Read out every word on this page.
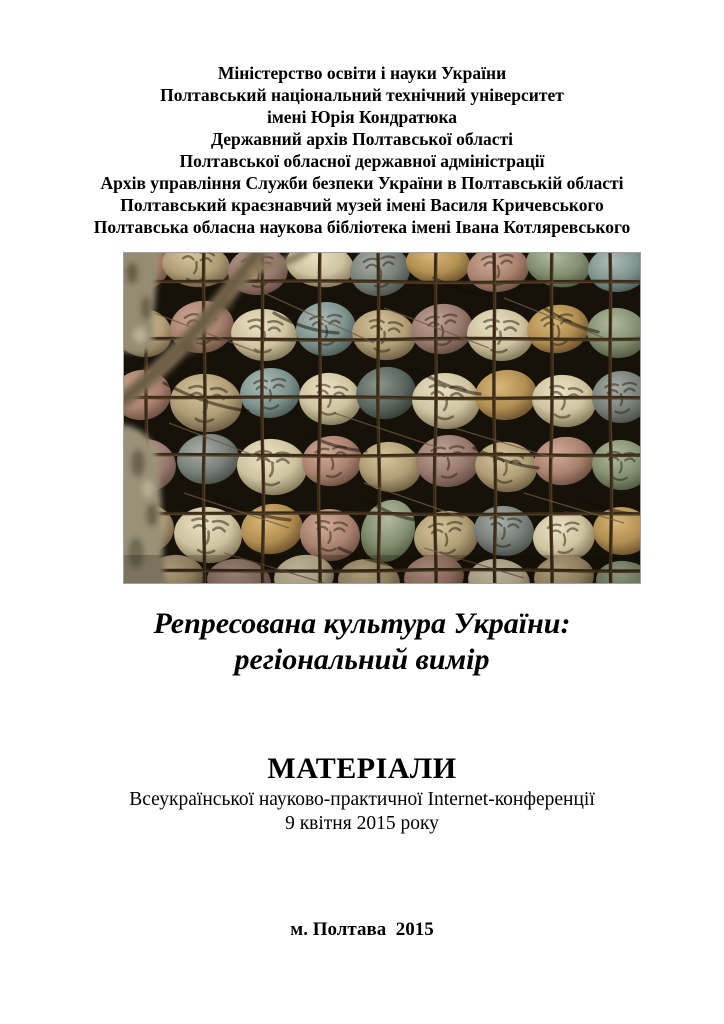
Міністерство освіти і науки України
Полтавський національний технічний університет
імені Юрія Кондратюка
Державний архів Полтавської області
Полтавської обласної державної адміністрації
Архів управління Служби безпеки України в Полтавській області
Полтавський краєзнавчий музей імені Василя Кричевського
Полтавська обласна наукова бібліотека імені Івана Котляревського
Репресована культура України:
регіональний вимір
МАТЕРІАЛИ
Всеукраїнської науково-практичної Internet-конференції
9 квітня 2015 року
м. Полтава  2015
